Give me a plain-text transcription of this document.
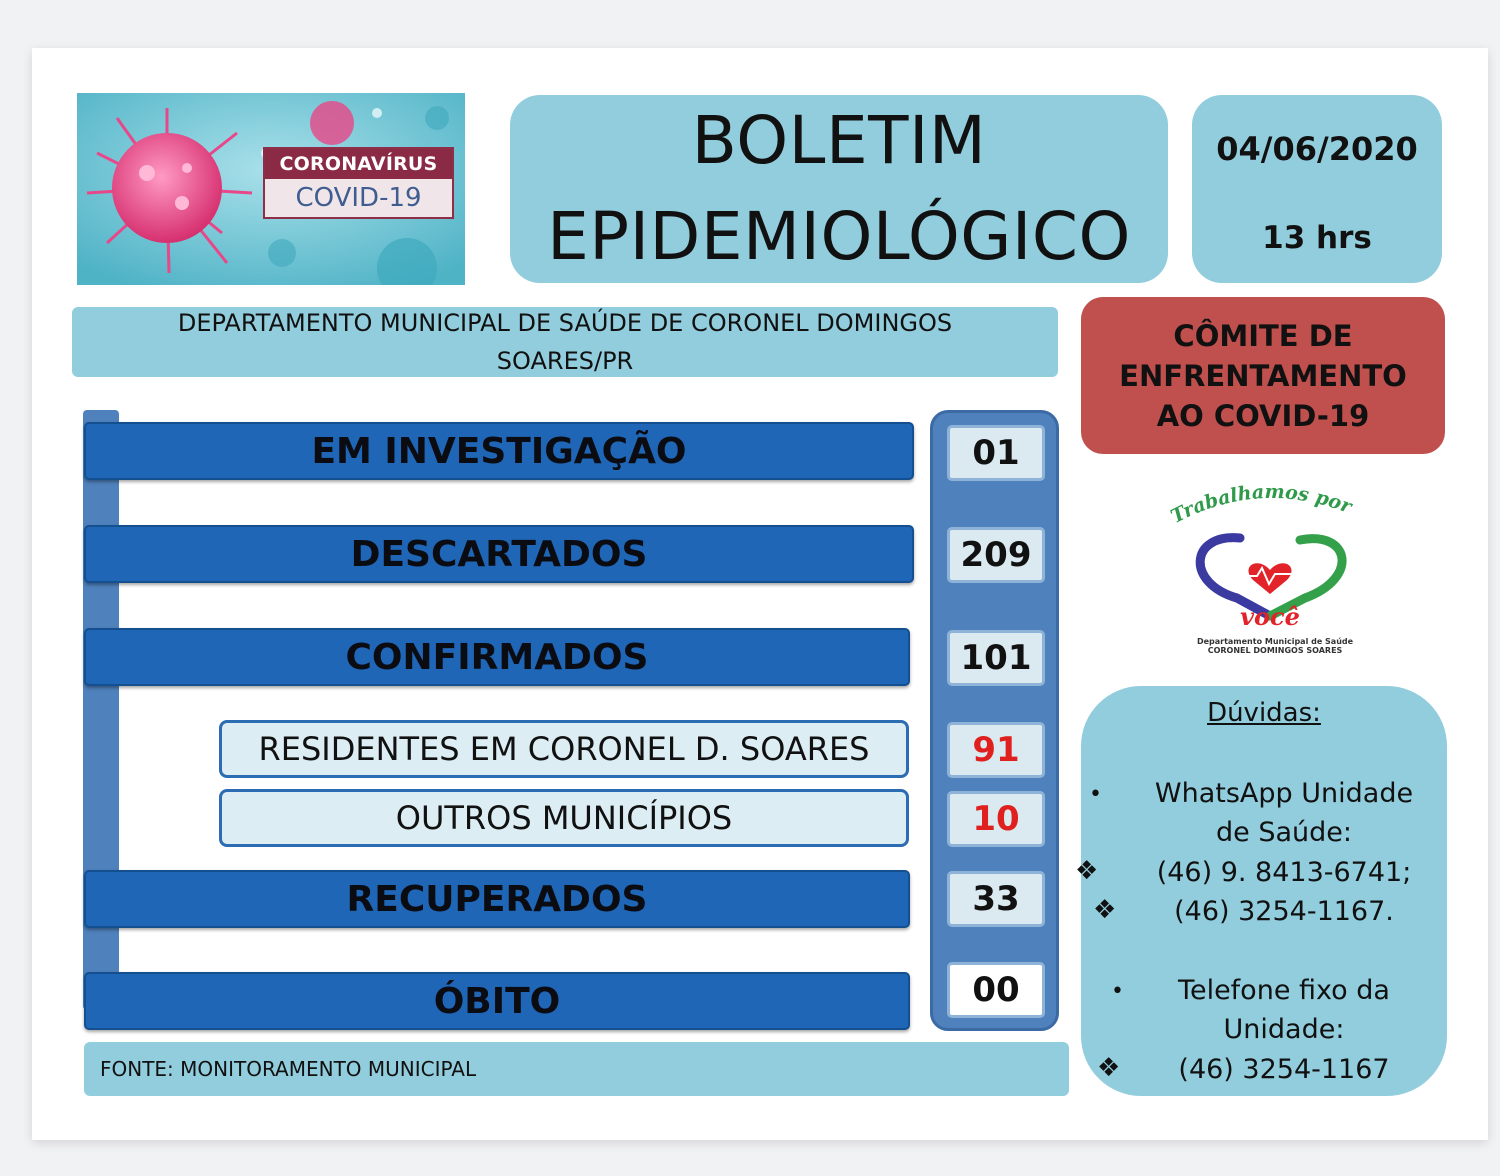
CORONAVÍRUS
COVID-19
BOLETIM
EPIDEMIOLÓGICO
04/06/2020
13 hrs
DEPARTAMENTO MUNICIPAL DE SAÚDE DE CORONEL DOMINGOS SOARES/PR
CÔMITE DE ENFRENTAMENTO AO COVID-19
Trabalhamos por
você
Departamento Municipal de Saúde
CORONEL DOMINGOS SOARES
Dúvidas:
•	WhatsApp Unidade
de Saúde:
❖	(46) 9. 8413-6741;
❖	(46) 3254-1167.
•	Telefone fixo da
Unidade:
❖	(46) 3254-1167
EM INVESTIGAÇÃO	01
DESCARTADOS	209
CONFIRMADOS	101
RESIDENTES EM CORONEL D. SOARES	91
OUTROS MUNICÍPIOS	10
RECUPERADOS	33
ÓBITO	00
FONTE: MONITORAMENTO MUNICIPAL
